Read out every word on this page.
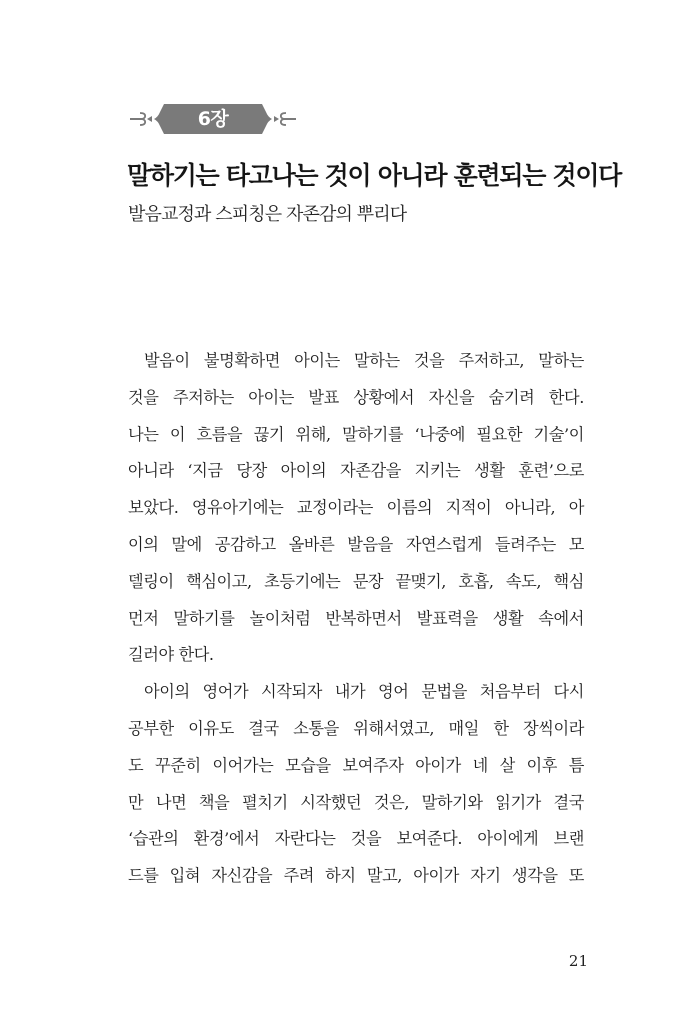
6장
말하기는 타고나는 것이 아니라 훈련되는 것이다
발음교정과 스피칭은 자존감의 뿌리다
발음이 불명확하면 아이는 말하는 것을 주저하고, 말하는
것을 주저하는 아이는 발표 상황에서 자신을 숨기려 한다.
나는 이 흐름을 끊기 위해, 말하기를 ‘나중에 필요한 기술’이
아니라 ‘지금 당장 아이의 자존감을 지키는 생활 훈련’으로
보았다. 영유아기에는 교정이라는 이름의 지적이 아니라, 아
이의 말에 공감하고 올바른 발음을 자연스럽게 들려주는 모
델링이 핵심이고, 초등기에는 문장 끝맺기, 호흡, 속도, 핵심
먼저 말하기를 놀이처럼 반복하면서 발표력을 생활 속에서
길러야 한다.
아이의 영어가 시작되자 내가 영어 문법을 처음부터 다시
공부한 이유도 결국 소통을 위해서였고, 매일 한 장씩이라
도 꾸준히 이어가는 모습을 보여주자 아이가 네 살 이후 틈
만 나면 책을 펼치기 시작했던 것은, 말하기와 읽기가 결국
‘습관의 환경’에서 자란다는 것을 보여준다. 아이에게 브랜
드를 입혀 자신감을 주려 하지 말고, 아이가 자기 생각을 또
21
